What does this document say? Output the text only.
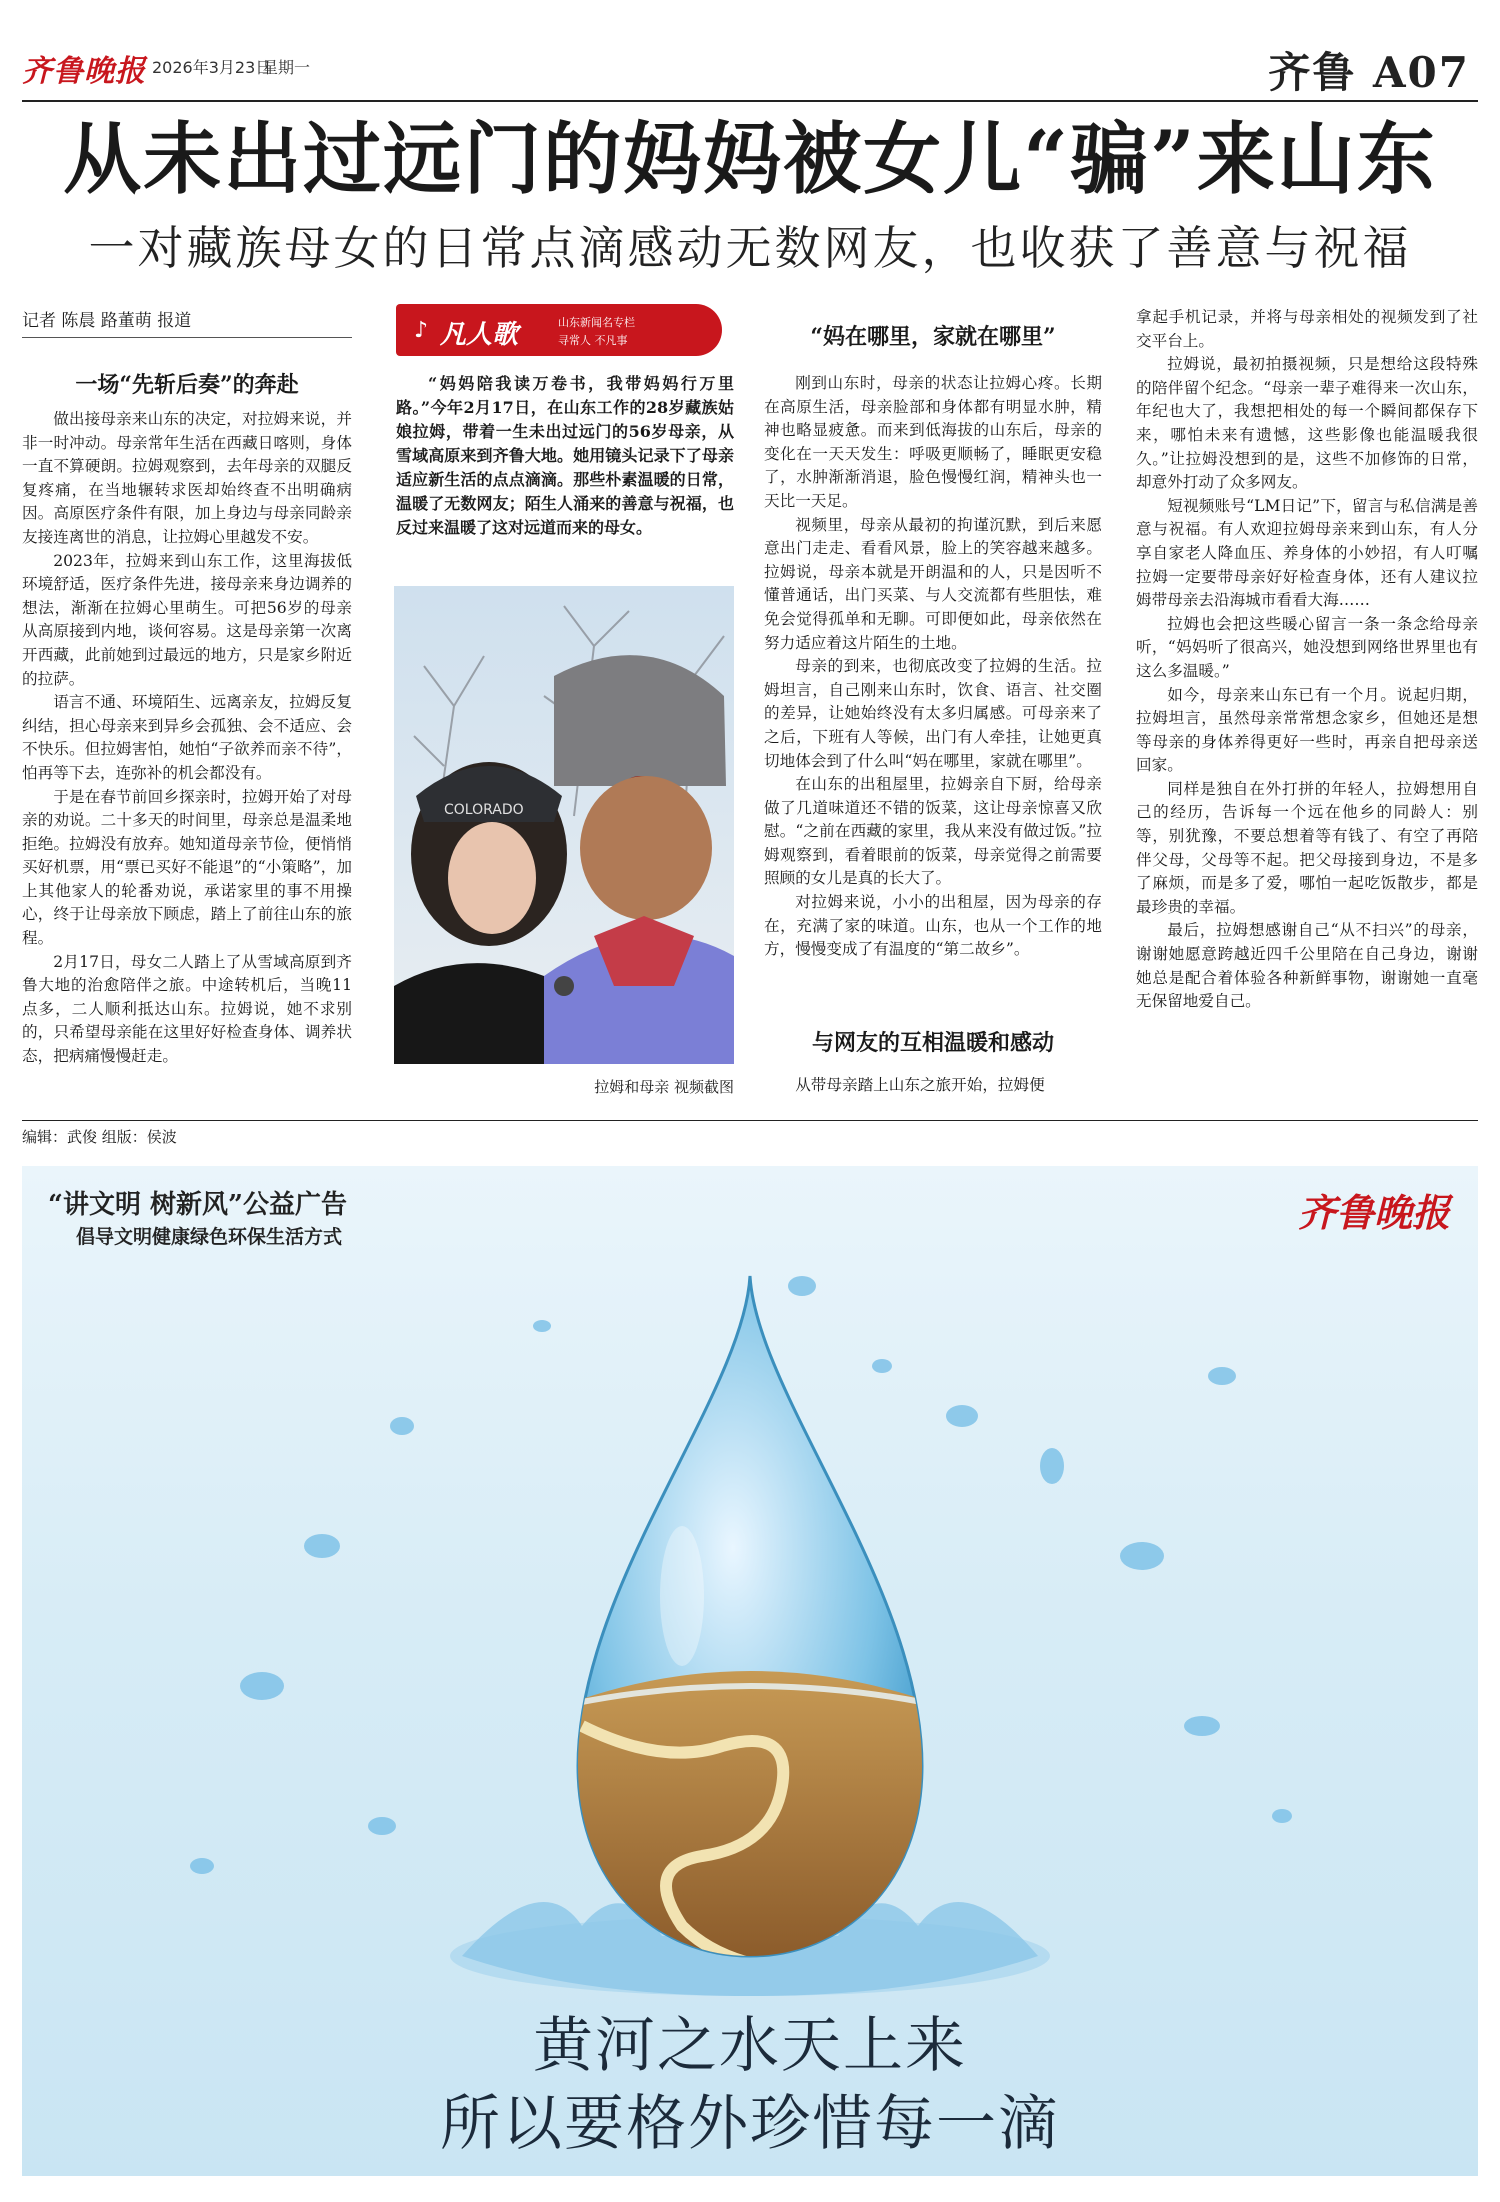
齐鲁晚报 2026年3月23日
星期一	齐鲁 A07
从未出过远门的妈妈被女儿“骗”来山东
一对藏族母女的日常点滴感动无数网友，也收获了善意与祝福
记者 陈晨 路董萌 报道
一场“先斩后奏”的奔赴

做出接母亲来山东的决定，对拉姆来说，并非一时冲动。母亲常年生活在西藏日喀则，身体一直不算硬朗。拉姆观察到，去年母亲的双腿反复疼痛，在当地辗转求医却始终查不出明确病因。高原医疗条件有限，加上身边与母亲同龄亲友接连离世的消息，让拉姆心里越发不安。

2023年，拉姆来到山东工作，这里海拔低环境舒适，医疗条件先进，接母亲来身边调养的想法，渐渐在拉姆心里萌生。可把56岁的母亲从高原接到内地，谈何容易。这是母亲第一次离开西藏，此前她到过最远的地方，只是家乡附近的拉萨。

语言不通、环境陌生、远离亲友，拉姆反复纠结，担心母亲来到异乡会孤独、会不适应、会不快乐。但拉姆害怕，她怕“子欲养而亲不待”，怕再等下去，连弥补的机会都没有。

于是在春节前回乡探亲时，拉姆开始了对母亲的劝说。二十多天的时间里，母亲总是温柔地拒绝。拉姆没有放弃。她知道母亲节俭，便悄悄买好机票，用“票已买好不能退”的“小策略”，加上其他家人的轮番劝说，承诺家里的事不用操心，终于让母亲放下顾虑，踏上了前往山东的旅程。

2月17日，母女二人踏上了从雪域高原到齐鲁大地的治愈陪伴之旅。中途转机后，当晚11点多，二人顺利抵达山东。拉姆说，她不求别的，只希望母亲能在这里好好检查身体、调养状态，把病痛慢慢赶走。

♪ 凡人歌	山东新闻名专栏
寻常人 不凡事

“妈妈陪我读万卷书，我带妈妈行万里路。”今年2月17日，在山东工作的28岁藏族姑娘拉姆，带着一生未出过远门的56岁母亲，从雪域高原来到齐鲁大地。她用镜头记录下了母亲适应新生活的点点滴滴。那些朴素温暖的日常，温暖了无数网友；陌生人涌来的善意与祝福，也反过来温暖了这对远道而来的母女。

COLORADO
拉姆和母亲 视频截图
“妈在哪里，家就在哪里”

刚到山东时，母亲的状态让拉姆心疼。长期在高原生活，母亲脸部和身体都有明显水肿，精神也略显疲惫。而来到低海拔的山东后，母亲的变化在一天天发生：呼吸更顺畅了，睡眠更安稳了，水肿渐渐消退，脸色慢慢红润，精神头也一天比一天足。

视频里，母亲从最初的拘谨沉默，到后来愿意出门走走、看看风景，脸上的笑容越来越多。拉姆说，母亲本就是开朗温和的人，只是因听不懂普通话，出门买菜、与人交流都有些胆怯，难免会觉得孤单和无聊。可即便如此，母亲依然在努力适应着这片陌生的土地。

母亲的到来，也彻底改变了拉姆的生活。拉姆坦言，自己刚来山东时，饮食、语言、社交圈的差异，让她始终没有太多归属感。可母亲来了之后，下班有人等候，出门有人牵挂，让她更真切地体会到了什么叫“妈在哪里，家就在哪里”。

在山东的出租屋里，拉姆亲自下厨，给母亲做了几道味道还不错的饭菜，这让母亲惊喜又欣慰。“之前在西藏的家里，我从来没有做过饭。”拉姆观察到，看着眼前的饭菜，母亲觉得之前需要照顾的女儿是真的长大了。

对拉姆来说，小小的出租屋，因为母亲的存在，充满了家的味道。山东，也从一个工作的地方，慢慢变成了有温度的“第二故乡”。

与网友的互相温暖和感动

从带母亲踏上山东之旅开始，拉姆便

拿起手机记录，并将与母亲相处的视频发到了社交平台上。

拉姆说，最初拍摄视频，只是想给这段特殊的陪伴留个纪念。“母亲一辈子难得来一次山东，年纪也大了，我想把相处的每一个瞬间都保存下来，哪怕未来有遗憾，这些影像也能温暖我很久。”让拉姆没想到的是，这些不加修饰的日常，却意外打动了众多网友。

短视频账号“LM日记”下，留言与私信满是善意与祝福。有人欢迎拉姆母亲来到山东，有人分享自家老人降血压、养身体的小妙招，有人叮嘱拉姆一定要带母亲好好检查身体，还有人建议拉姆带母亲去沿海城市看看大海……

拉姆也会把这些暖心留言一条一条念给母亲听，“妈妈听了很高兴，她没想到网络世界里也有这么多温暖。”

如今，母亲来山东已有一个月。说起归期，拉姆坦言，虽然母亲常常想念家乡，但她还是想等母亲的身体养得更好一些时，再亲自把母亲送回家。

同样是独自在外打拼的年轻人，拉姆想用自己的经历，告诉每一个远在他乡的同龄人：别等，别犹豫，不要总想着等有钱了、有空了再陪伴父母，父母等不起。把父母接到身边，不是多了麻烦，而是多了爱，哪怕一起吃饭散步，都是最珍贵的幸福。

最后，拉姆想感谢自己“从不扫兴”的母亲，谢谢她愿意跨越近四千公里陪在自己身边，谢谢她总是配合着体验各种新鲜事物，谢谢她一直毫无保留地爱自己。

编辑：武俊 组版：侯波
“讲文明 树新风”公益广告
倡导文明健康绿色环保生活方式
齐鲁晚报
黄河之水天上来
所以要格外珍惜每一滴
